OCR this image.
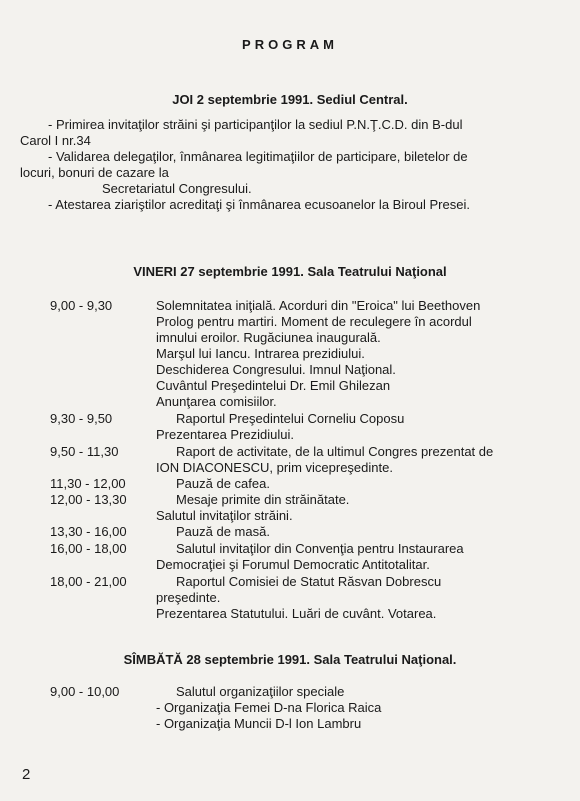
PROGRAM
JOI 2 septembrie 1991. Sediul Central.
- Primirea invitaţilor străini şi participanţilor la sediul P.N.Ţ.C.D. din B-dul
Carol I nr.34
- Validarea delegaţilor, înmânarea legitimaţiilor de participare, biletelor de
locuri, bonuri de cazare la
Secretariatul Congresului.
- Atestarea ziariştilor acreditaţi şi înmânarea ecusoanelor la Biroul Presei.
VINERI 27 septembrie 1991. Sala Teatrului Naţional
9,00 - 9,30	Solemnitatea iniţială. Acorduri din "Eroica" lui Beethoven
Prolog pentru martiri. Moment de reculegere în acordul
imnului eroilor. Rugăciunea inaugurală.
Marşul lui Iancu. Intrarea prezidiului.
Deschiderea Congresului. Imnul Naţional.
Cuvântul Preşedintelui Dr. Emil Ghilezan
Anunţarea comisiilor.
9,30 - 9,50	Raportul Preşedintelui Corneliu Coposu
Prezentarea Prezidiului.
9,50 - 11,30	Raport de activitate, de la ultimul Congres prezentat de
ION DIACONESCU, prim vicepreşedinte.
11,30 - 12,00	Pauză de cafea.
12,00 - 13,30	Mesaje primite din străinătate.
Salutul invitaţilor străini.
13,30 - 16,00	Pauză de masă.
16,00 - 18,00	Salutul invitaţilor din Convenţia pentru Instaurarea
Democraţiei şi Forumul Democratic Antitotalitar.
18,00 - 21,00	Raportul Comisiei de Statut Răsvan Dobrescu
preşedinte.
Prezentarea Statutului. Luări de cuvânt. Votarea.
SÎMBĂTĂ 28 septembrie 1991. Sala Teatrului Naţional.
9,00 - 10,00	Salutul organizaţiilor speciale
- Organizaţia Femei D-na Florica Raica
- Organizaţia Muncii D-l Ion Lambru
2
